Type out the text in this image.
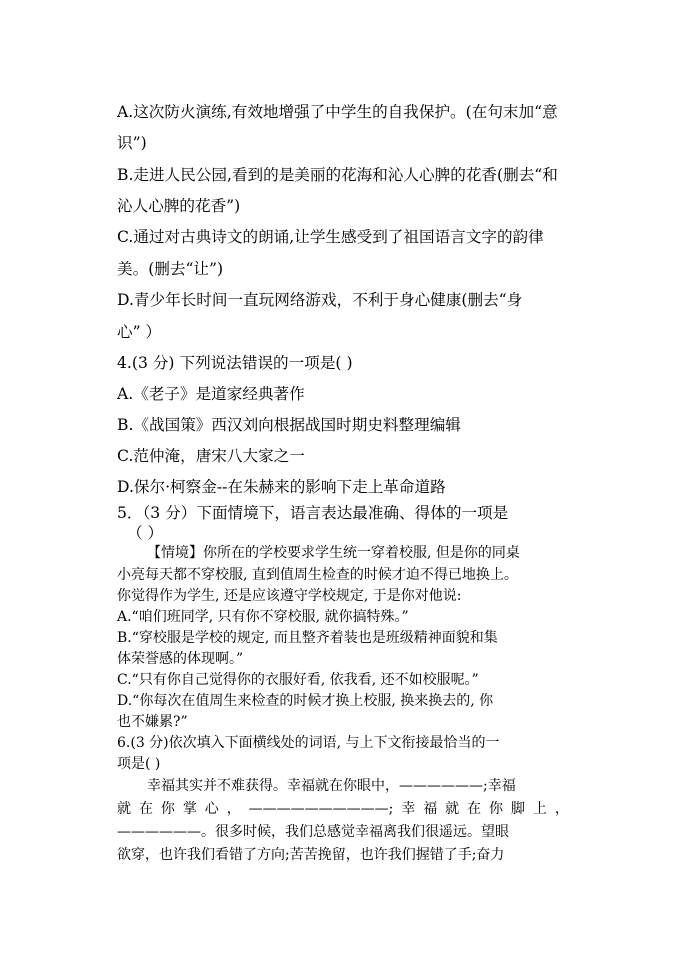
A.这次防火演练,有效地增强了中学生的自我保护。(在句末加“意
识”)
B.走进人民公园,看到的是美丽的花海和沁人心脾的花香(删去“和
沁人心脾的花香”)
C.通过对古典诗文的朗诵,让学生感受到了祖国语言文字的韵律
美。(删去“让”)
D.青少年长时间一直玩网络游戏，不利于身心健康(删去“身
心” ）
4.(3 分) 下列说法错误的一项是( )
A.《老子》是道家经典著作
B.《战国策》西汉刘向根据战国时期史料整理编辑
C.范仲淹，唐宋八大家之一
D.保尔·柯察金--在朱赫来的影响下走上革命道路
5．（3 分）下面情境下，语言表达最准确、得体的一项是
（ ）
【情境】你所在的学校要求学生统一穿着校服, 但是你的同桌
小亮每天都不穿校服, 直到值周生检查的时候才迫不得已地换上。
你觉得作为学生, 还是应该遵守学校规定, 于是你对他说:
A.“咱们班同学, 只有你不穿校服, 就你搞特殊。”
B.“穿校服是学校的规定, 而且整齐着装也是班级精神面貌和集
体荣誉感的体现啊。”
C.“只有你自己觉得你的衣服好看, 依我看, 还不如校服呢。”
D.“你每次在值周生来检查的时候才换上校服, 换来换去的, 你
也不嫌累?”
6.(3 分)依次填入下面横线处的词语, 与上下文衔接最恰当的一
项是( )
幸福其实并不难获得。幸福就在你眼中，——————;幸福
就 在 你 掌 心 ， ——————————; 幸 福 就 在 你 脚 上 ，
——————。很多时候，我们总感觉幸福离我们很遥远。望眼
欲穿，也许我们看错了方向;苦苦挽留，也许我们握错了手;奋力
